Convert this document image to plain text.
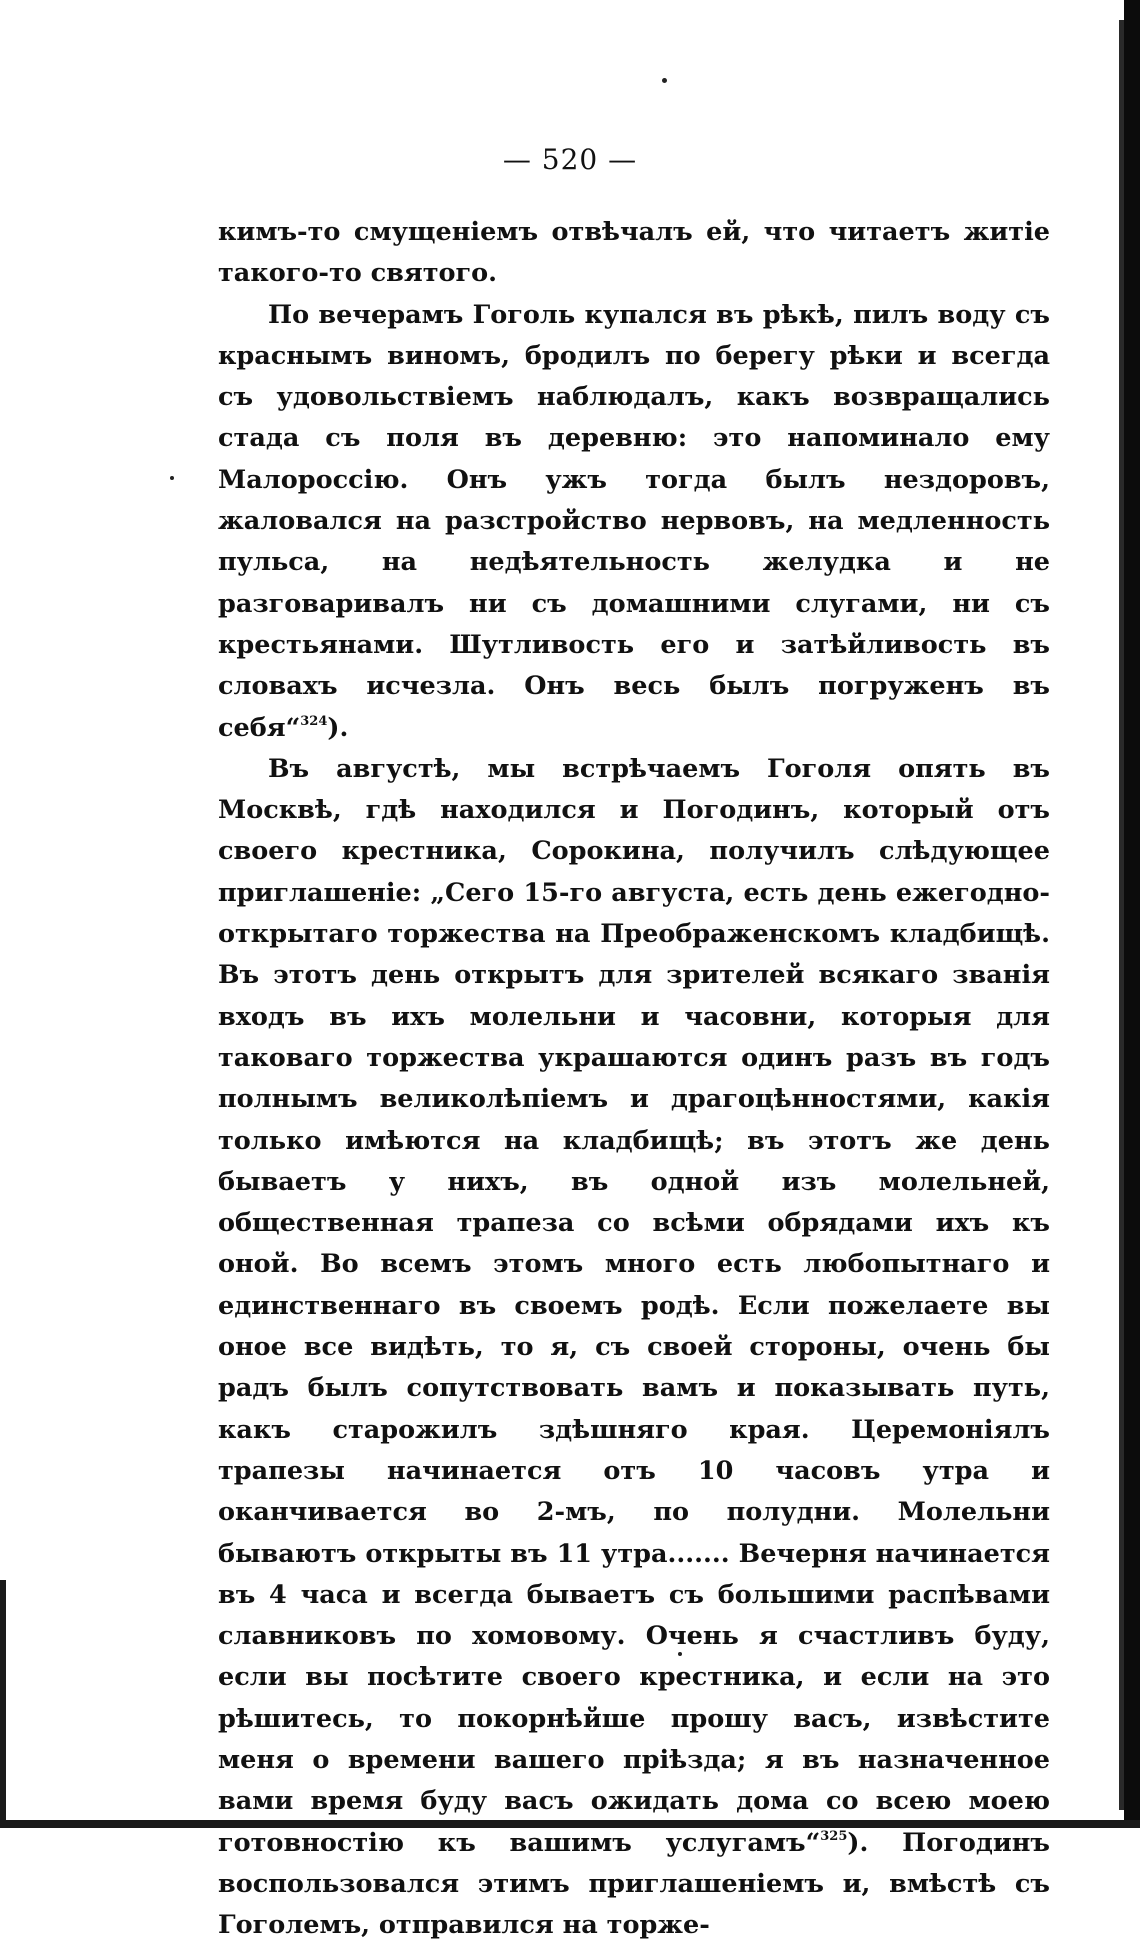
— 520 —

кимъ-то смущеніемъ отвѣчалъ ей, что читаетъ житіе такого-то святого.

По вечерамъ Гоголь купался въ рѣкѣ, пилъ воду съ краснымъ виномъ, бродилъ по берегу рѣки и всегда съ удовольствіемъ наблюдалъ, какъ возвращались стада съ поля въ деревню: это напоминало ему Малороссію. Онъ ужъ тогда былъ нездоровъ, жаловался на разстройство нервовъ, на медленность пульса, на недѣятельность желудка и не разговаривалъ ни съ домашними слугами, ни съ крестьянами. Шутливость его и затѣйливость въ словахъ исчезла. Онъ весь былъ погруженъ въ себя“$^{324}$).

Въ августѣ, мы встрѣчаемъ Гоголя опять въ Москвѣ, гдѣ находился и Погодинъ, который отъ своего крестника, Сорокина, получилъ слѣдующее приглашеніе: „Сего 15-го августа, есть день ежегодно-открытаго торжества на Преображенскомъ кладбищѣ. Въ этотъ день открытъ для зрителей всякаго званія входъ въ ихъ молельни и часовни, которыя для таковаго торжества украшаются одинъ разъ въ годъ полнымъ великолѣпіемъ и драгоцѣнностями, какія только имѣются на кладбищѣ; въ этотъ же день бываетъ у нихъ, въ одной изъ молельней, общественная трапеза со всѣми обрядами ихъ къ оной. Во всемъ этомъ много есть любопытнаго и единственнаго въ своемъ родѣ. Если пожелаете вы оное все видѣть, то я, съ своей стороны, очень бы радъ былъ сопутствовать вамъ и показывать путь, какъ старожилъ здѣшняго края. Церемоніялъ трапезы начинается отъ 10 часовъ утра и оканчивается во 2-мъ, по полудни. Молельни бываютъ открыты въ 11 утра....... Вечерня начинается въ 4 часа и всегда бываетъ съ большими распѣвами славниковъ по хомовому. Очень я счастливъ буду, если вы посѣтите своего крестника, и если на это рѣшитесь, то покорнѣйше прошу васъ, извѣстите меня о времени вашего пріѣзда; я въ назначенное вами время буду васъ ожидать дома со всею моею готовностію къ вашимъ услугамъ“$^{325}$). Погодинъ воспользовался этимъ приглашеніемъ и, вмѣстѣ съ Гоголемъ, отправился на торже-
